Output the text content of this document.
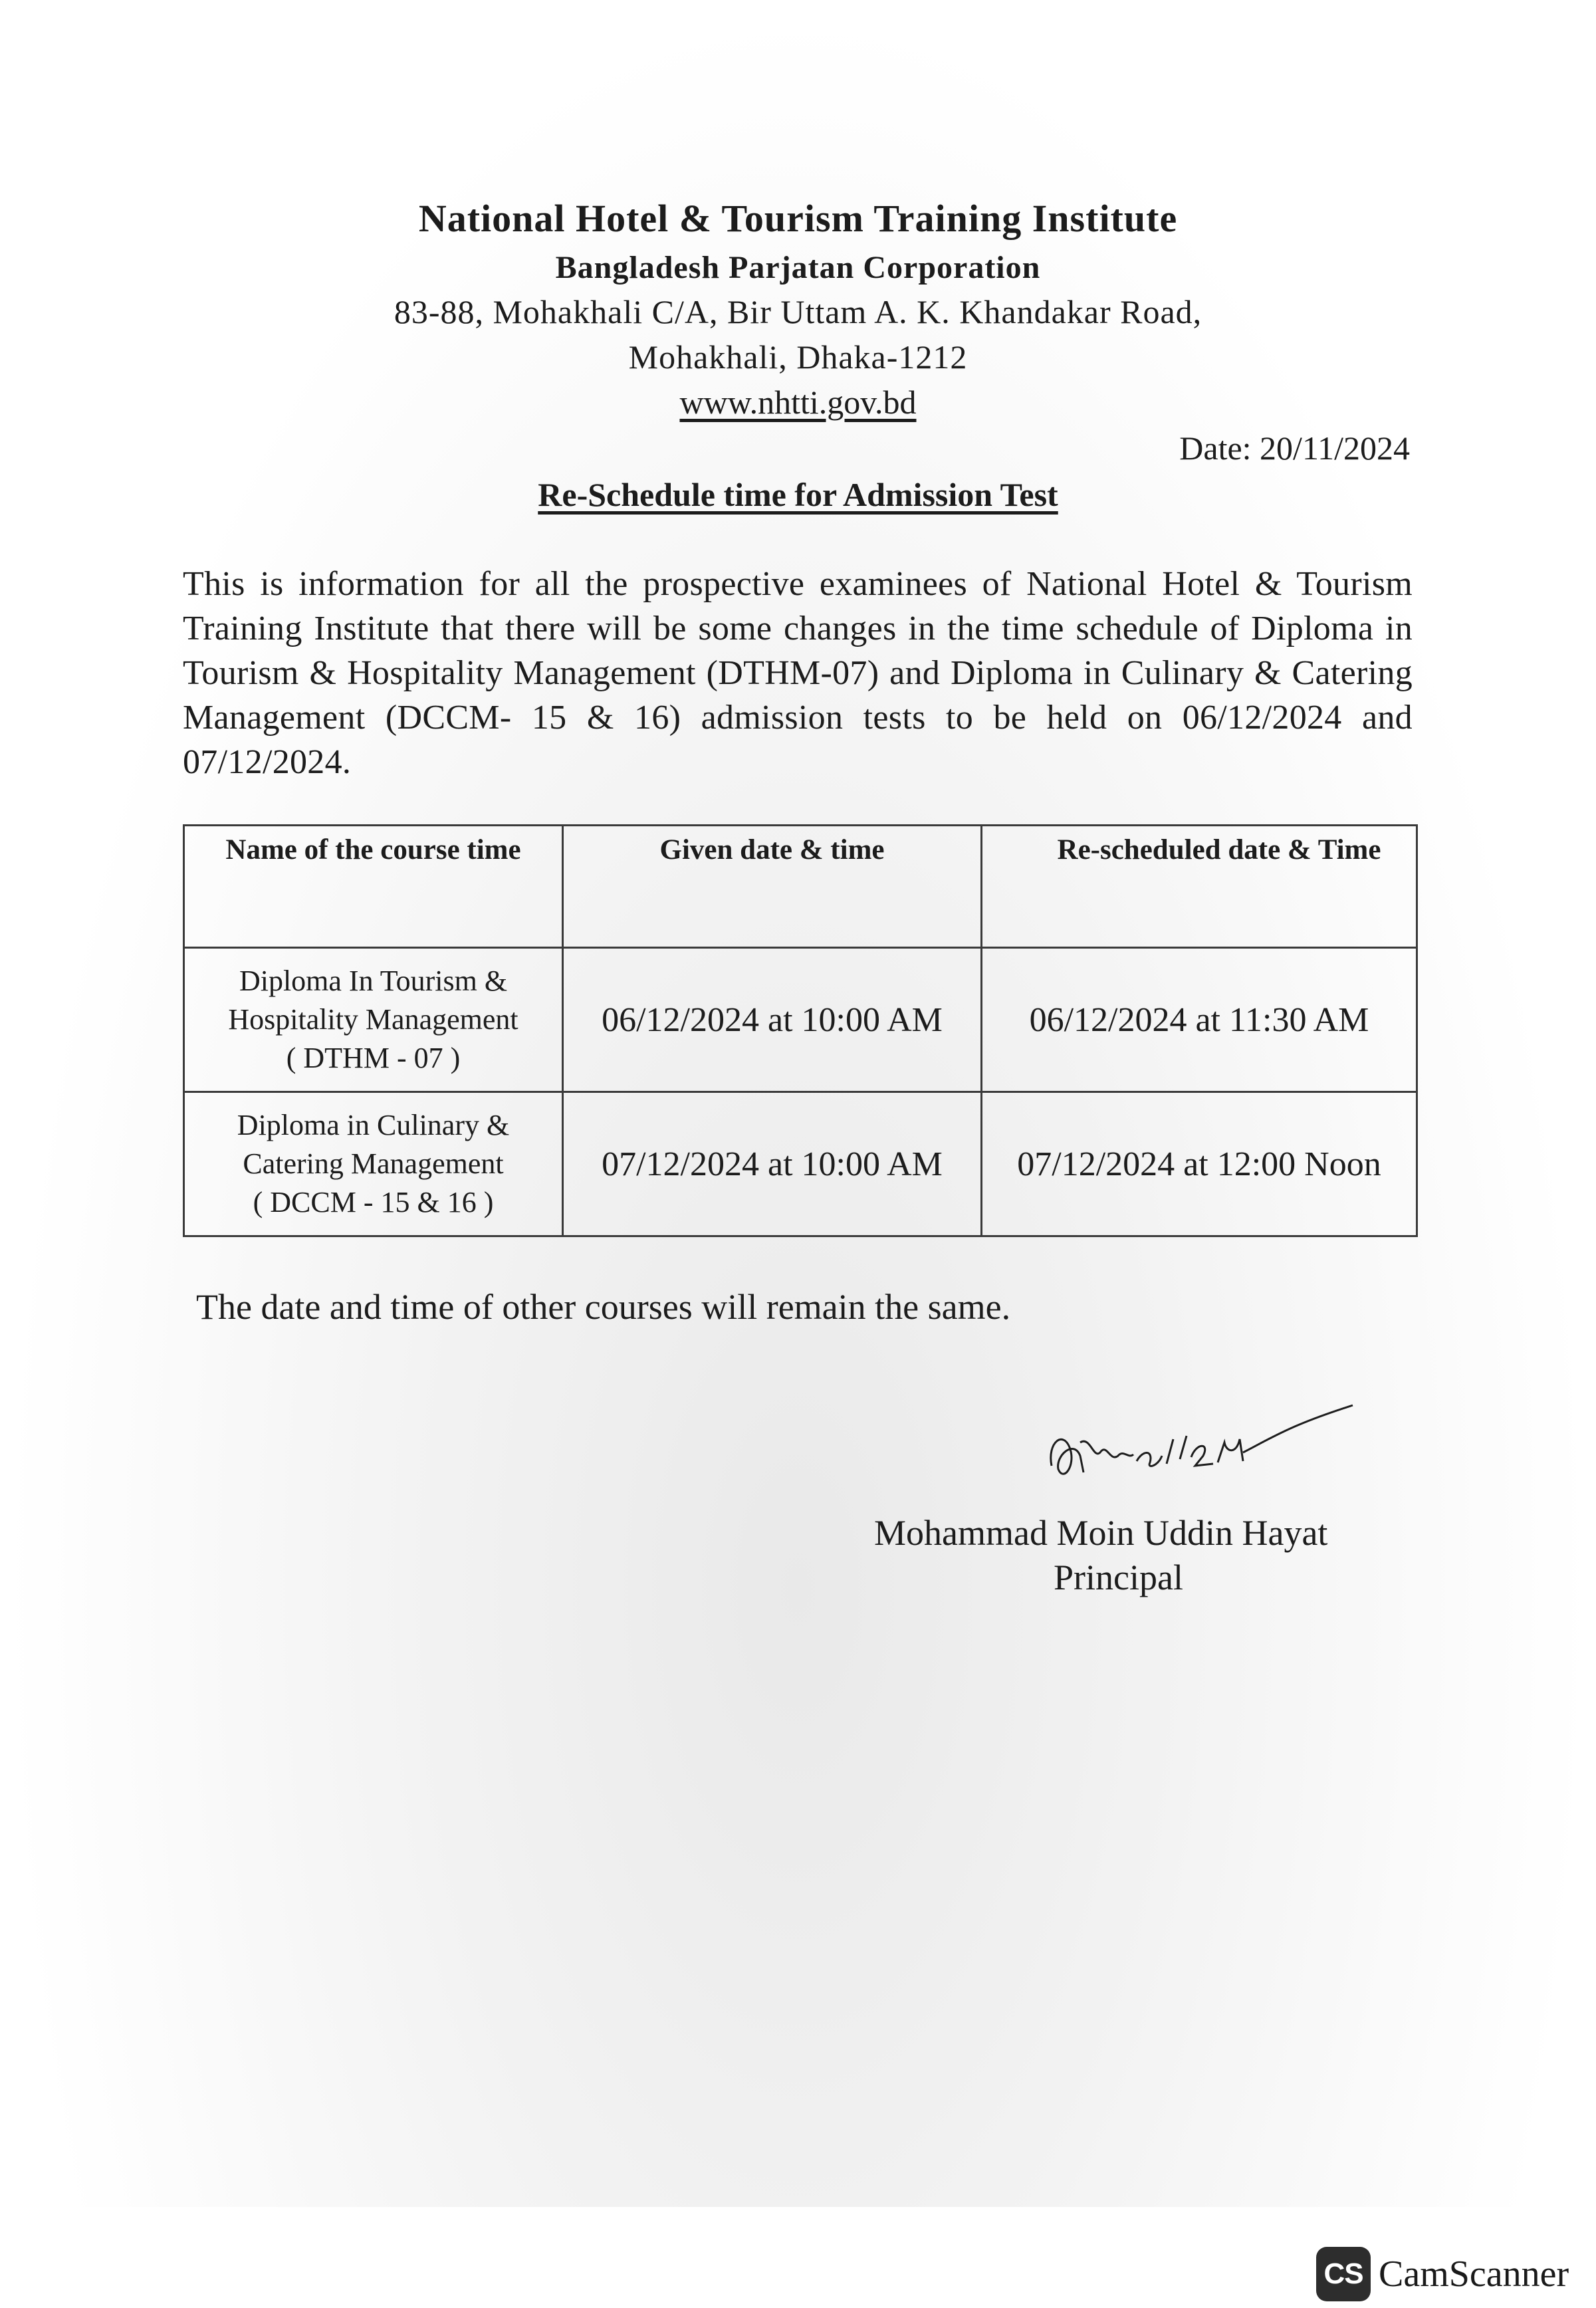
National Hotel & Tourism Training Institute
Bangladesh Parjatan Corporation
83-88, Mohakhali C/A, Bir Uttam A. K. Khandakar Road,
Mohakhali, Dhaka-1212
www.nhtti.gov.bd
Date: 20/11/2024
Re-Schedule time for Admission Test
This is information for all the prospective examinees of National Hotel & Tourism Training Institute that there will be some changes in the time schedule of Diploma in Tourism & Hospitality Management (DTHM-07) and Diploma in Culinary & Catering Management (DCCM- 15 & 16) admission tests to be held on 06/12/2024 and 07/12/2024.
Name of the course time	Given date & time	Re-scheduled date & Time

Diploma In Tourism &
Hospitality Management
( DTHM - 07 )	06/12/2024 at 10:00 AM	06/12/2024 at 11:30 AM

Diploma in Culinary &
Catering Management
( DCCM - 15 & 16 )	07/12/2024 at 10:00 AM	07/12/2024 at 12:00 Noon
The date and time of other courses will remain the same.
Mohammad Moin Uddin Hayat
Principal
CS CamScanner
